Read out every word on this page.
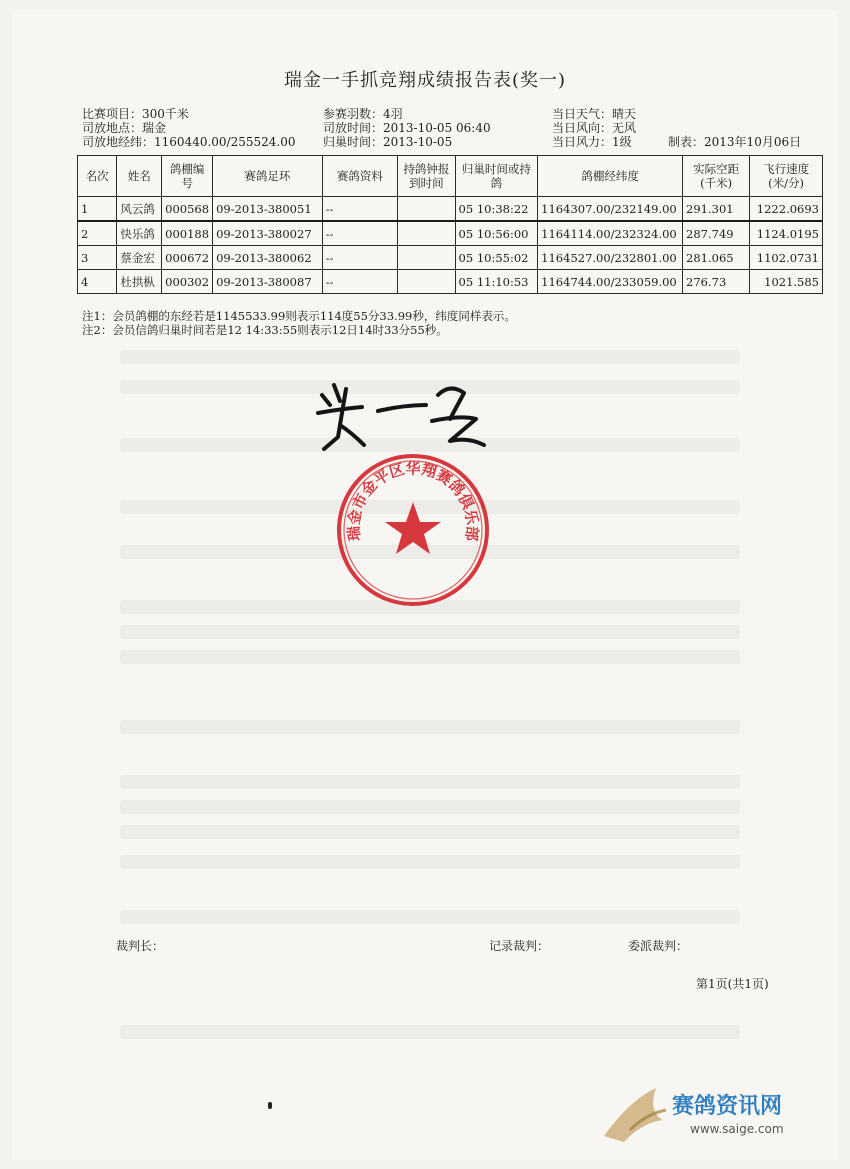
瑞金一手抓竞翔成绩报告表(奖一)
比赛项目：300千米
司放地点：瑞金
司放地经纬：1160440.00/255524.00
参赛羽数：4羽
司放时间：2013-10-05 06:40
归巢时间：2013-10-05
当日天气：晴天
当日风向：无风
当日风力：1级	制表：2013年10月06日
名次	姓名	鸽棚编号	赛鸽足环	赛鸽资料	持鸽钟报到时间	归巢时间或持鸽	鸽棚经纬度	实际空距(千米)	飞行速度(米/分)
1	风云鸽	000568	09-2013-380051	--		05 10:38:22	1164307.00/232149.00	291.301	1222.0693
2	快乐鸽	000188	09-2013-380027	--		05 10:56:00	1164114.00/232324.00	287.749	1124.0195
3	蔡金宏	000672	09-2013-380062	--		05 10:55:02	1164527.00/232801.00	281.065	1102.0731
4	杜拱枞	000302	09-2013-380087	--		05 11:10:53	1164744.00/233059.00	276.73	1021.585
注1：会员鸽棚的东经若是1145533.99则表示114度55分33.99秒，纬度同样表示。
注2：会员信鸽归巢时间若是12 14:33:55则表示12日14时33分55秒。
瑞金市金平区华翔赛鸽俱乐部
裁判长：	记录裁判：	委派裁判：
第1页(共1页)
赛鸽资讯网
www.saige.com
